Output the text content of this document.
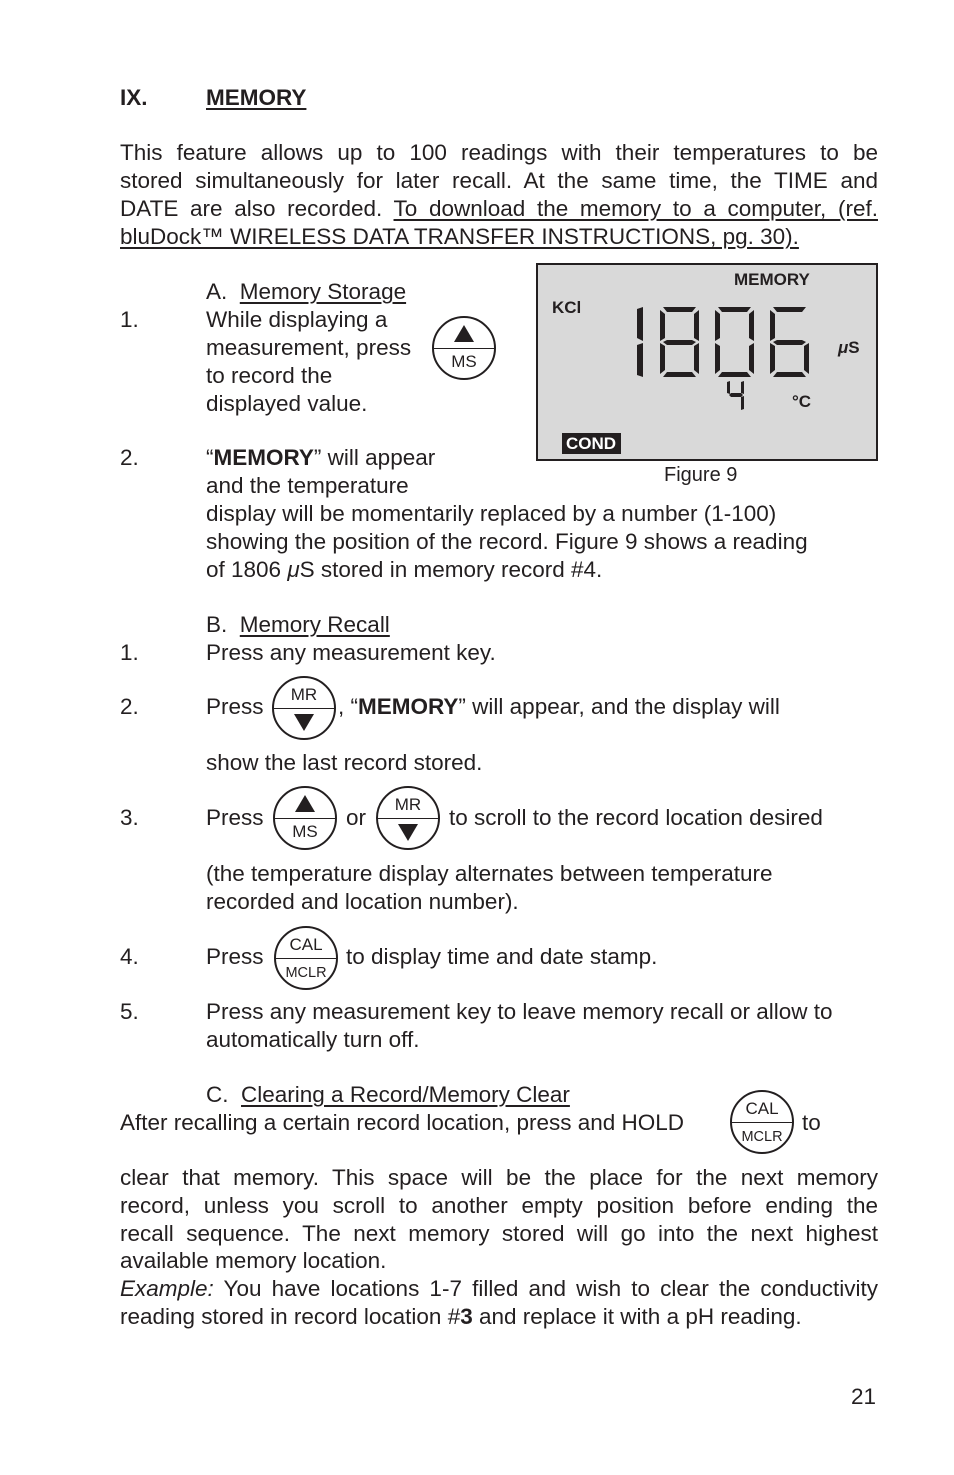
IX.	MEMORY
This feature allows up to 100 readings with their temperatures to be
stored simultaneously for later recall. At the same time, the TIME and
DATE are also recorded. To download the memory to a computer, (ref.
bluDock™ WIRELESS DATA TRANSFER INSTRUCTIONS, pg. 30).
A. Memory Storage
1.	While displaying a
measurement, press
to record the
displayed value.
MS
MEMORY
KCl
μS
°C
COND
Figure 9
2.	“MEMORY” will appear
and the temperature
display will be momentarily replaced by a number (1-100)
showing the position of the record. Figure 9 shows a reading
of 1806 μS stored in memory record #4.
B. Memory Recall
1.	Press any measurement key.
2.	Press	MR , “MEMORY” will appear, and the display will
show the last record stored.
3.	Press
MS
or
MR
to scroll to the record location desired
(the temperature display alternates between temperature
recorded and location number).
4.	Press	CAL
MCLR
to display time and date stamp.
5.	Press any measurement key to leave memory recall or allow to
automatically turn off.
C. Clearing a Record/Memory Clear
After recalling a certain record location, press and HOLD
CAL
MCLR
to
clear that memory. This space will be the place for the next memory
record, unless you scroll to another empty position before ending the
recall sequence. The next memory stored will go into the next highest
available memory location.
Example: You have locations 1-7 filled and wish to clear the conductivity
reading stored in record location #3 and replace it with a pH reading.
21
